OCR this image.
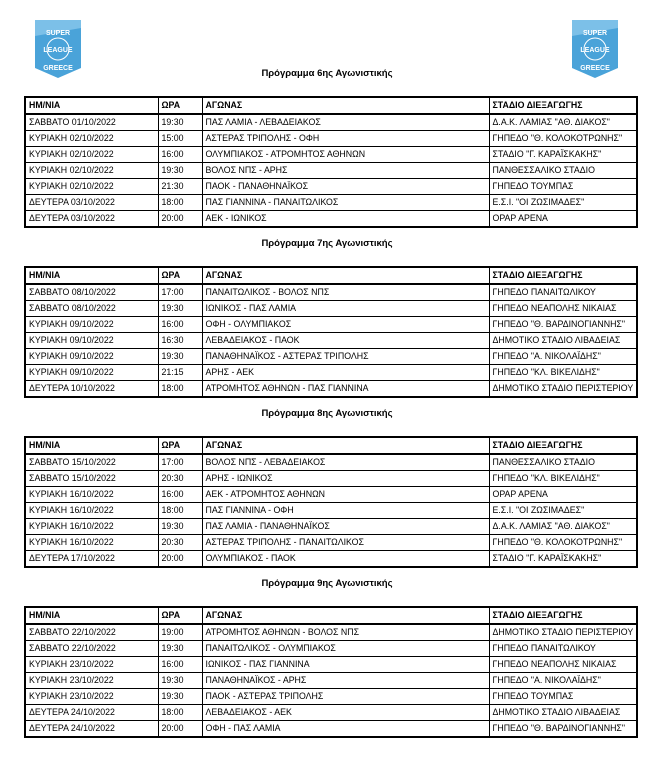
SUPER
LEAGUE
GREECE
SUPER
LEAGUE
GREECE
Πρόγραμμα 6ης Αγωνιστικής
ΗΜ/ΝΙΑ	ΩΡΑ	ΑΓΩΝΑΣ	ΣΤΑΔΙΟ ΔΙΕΞΑΓΩΓΗΣ
ΣΑΒΒΑΤΟ 01/10/2022	19:30	ΠΑΣ ΛΑΜΙΑ - ΛΕΒΑΔΕΙΑΚΟΣ	Δ.Α.Κ. ΛΑΜΙΑΣ "ΑΘ. ΔΙΑΚΟΣ"
ΚΥΡΙΑΚΗ 02/10/2022	15:00	ΑΣΤΕΡΑΣ ΤΡΙΠΟΛΗΣ - ΟΦΗ	ΓΗΠΕΔΟ "Θ. ΚΟΛΟΚΟΤΡΩΝΗΣ"
ΚΥΡΙΑΚΗ 02/10/2022	16:00	ΟΛΥΜΠΙΑΚΟΣ - ΑΤΡΟΜΗΤΟΣ ΑΘΗΝΩΝ	ΣΤΑΔΙΟ "Γ. ΚΑΡΑΪΣΚΑΚΗΣ"
ΚΥΡΙΑΚΗ 02/10/2022	19:30	ΒΟΛΟΣ ΝΠΣ - ΑΡΗΣ	ΠΑΝΘΕΣΣΑΛΙΚΟ ΣΤΑΔΙΟ
ΚΥΡΙΑΚΗ 02/10/2022	21:30	ΠΑΟΚ - ΠΑΝΑΘΗΝΑΪΚΟΣ	ΓΗΠΕΔΟ ΤΟΥΜΠΑΣ
ΔΕΥΤΕΡΑ 03/10/2022	18:00	ΠΑΣ ΓΙΑΝΝΙΝΑ - ΠΑΝΑΙΤΩΛΙΚΟΣ	Ε.Σ.Ι. "ΟΙ ΖΩΣΙΜΑΔΕΣ"
ΔΕΥΤΕΡΑ 03/10/2022	20:00	ΑΕΚ - ΙΩΝΙΚΟΣ	ΟΡΑΡ ΑΡΕΝΑ
Πρόγραμμα 7ης Αγωνιστικής
ΗΜ/ΝΙΑ	ΩΡΑ	ΑΓΩΝΑΣ	ΣΤΑΔΙΟ ΔΙΕΞΑΓΩΓΗΣ
ΣΑΒΒΑΤΟ 08/10/2022	17:00	ΠΑΝΑΙΤΩΛΙΚΟΣ - ΒΟΛΟΣ ΝΠΣ	ΓΗΠΕΔΟ ΠΑΝΑΙΤΩΛΙΚΟΥ
ΣΑΒΒΑΤΟ 08/10/2022	19:30	ΙΩΝΙΚΟΣ - ΠΑΣ ΛΑΜΙΑ	ΓΗΠΕΔΟ ΝΕΑΠΟΛΗΣ ΝΙΚΑΙΑΣ
ΚΥΡΙΑΚΗ 09/10/2022	16:00	ΟΦΗ - ΟΛΥΜΠΙΑΚΟΣ	ΓΗΠΕΔΟ "Θ. ΒΑΡΔΙΝΟΓΙΑΝΝΗΣ"
ΚΥΡΙΑΚΗ 09/10/2022	16:30	ΛΕΒΑΔΕΙΑΚΟΣ - ΠΑΟΚ	ΔΗΜΟΤΙΚΟ ΣΤΑΔΙΟ ΛΙΒΑΔΕΙΑΣ
ΚΥΡΙΑΚΗ 09/10/2022	19:30	ΠΑΝΑΘΗΝΑΪΚΟΣ - ΑΣΤΕΡΑΣ ΤΡΙΠΟΛΗΣ	ΓΗΠΕΔΟ "Α. ΝΙΚΟΛΑΪΔΗΣ"
ΚΥΡΙΑΚΗ 09/10/2022	21:15	ΑΡΗΣ - ΑΕΚ	ΓΗΠΕΔΟ "ΚΛ. ΒΙΚΕΛΙΔΗΣ"
ΔΕΥΤΕΡΑ 10/10/2022	18:00	ΑΤΡΟΜΗΤΟΣ ΑΘΗΝΩΝ - ΠΑΣ ΓΙΑΝΝΙΝΑ	ΔΗΜΟΤΙΚΟ ΣΤΑΔΙΟ ΠΕΡΙΣΤΕΡΙΟΥ
Πρόγραμμα 8ης Αγωνιστικής
ΗΜ/ΝΙΑ	ΩΡΑ	ΑΓΩΝΑΣ	ΣΤΑΔΙΟ ΔΙΕΞΑΓΩΓΗΣ
ΣΑΒΒΑΤΟ 15/10/2022	17:00	ΒΟΛΟΣ ΝΠΣ - ΛΕΒΑΔΕΙΑΚΟΣ	ΠΑΝΘΕΣΣΑΛΙΚΟ ΣΤΑΔΙΟ
ΣΑΒΒΑΤΟ 15/10/2022	20:30	ΑΡΗΣ - ΙΩΝΙΚΟΣ	ΓΗΠΕΔΟ "ΚΛ. ΒΙΚΕΛΙΔΗΣ"
ΚΥΡΙΑΚΗ 16/10/2022	16:00	ΑΕΚ - ΑΤΡΟΜΗΤΟΣ ΑΘΗΝΩΝ	ΟΡΑΡ ΑΡΕΝΑ
ΚΥΡΙΑΚΗ 16/10/2022	18:00	ΠΑΣ ΓΙΑΝΝΙΝΑ - ΟΦΗ	Ε.Σ.Ι. "ΟΙ ΖΩΣΙΜΑΔΕΣ"
ΚΥΡΙΑΚΗ 16/10/2022	19:30	ΠΑΣ ΛΑΜΙΑ - ΠΑΝΑΘΗΝΑΪΚΟΣ	Δ.Α.Κ. ΛΑΜΙΑΣ "ΑΘ. ΔΙΑΚΟΣ"
ΚΥΡΙΑΚΗ 16/10/2022	20:30	ΑΣΤΕΡΑΣ ΤΡΙΠΟΛΗΣ - ΠΑΝΑΙΤΩΛΙΚΟΣ	ΓΗΠΕΔΟ "Θ. ΚΟΛΟΚΟΤΡΩΝΗΣ"
ΔΕΥΤΕΡΑ 17/10/2022	20:00	ΟΛΥΜΠΙΑΚΟΣ - ΠΑΟΚ	ΣΤΑΔΙΟ "Γ. ΚΑΡΑΪΣΚΑΚΗΣ"
Πρόγραμμα 9ης Αγωνιστικής
ΗΜ/ΝΙΑ	ΩΡΑ	ΑΓΩΝΑΣ	ΣΤΑΔΙΟ ΔΙΕΞΑΓΩΓΗΣ
ΣΑΒΒΑΤΟ 22/10/2022	19:00	ΑΤΡΟΜΗΤΟΣ ΑΘΗΝΩΝ - ΒΟΛΟΣ ΝΠΣ	ΔΗΜΟΤΙΚΟ ΣΤΑΔΙΟ ΠΕΡΙΣΤΕΡΙΟΥ
ΣΑΒΒΑΤΟ 22/10/2022	19:30	ΠΑΝΑΙΤΩΛΙΚΟΣ - ΟΛΥΜΠΙΑΚΟΣ	ΓΗΠΕΔΟ ΠΑΝΑΙΤΩΛΙΚΟΥ
ΚΥΡΙΑΚΗ 23/10/2022	16:00	ΙΩΝΙΚΟΣ - ΠΑΣ ΓΙΑΝΝΙΝΑ	ΓΗΠΕΔΟ ΝΕΑΠΟΛΗΣ ΝΙΚΑΙΑΣ
ΚΥΡΙΑΚΗ 23/10/2022	19:30	ΠΑΝΑΘΗΝΑΪΚΟΣ - ΑΡΗΣ	ΓΗΠΕΔΟ "Α. ΝΙΚΟΛΑΪΔΗΣ"
ΚΥΡΙΑΚΗ 23/10/2022	19:30	ΠΑΟΚ - ΑΣΤΕΡΑΣ ΤΡΙΠΟΛΗΣ	ΓΗΠΕΔΟ ΤΟΥΜΠΑΣ
ΔΕΥΤΕΡΑ 24/10/2022	18:00	ΛΕΒΑΔΕΙΑΚΟΣ - ΑΕΚ	ΔΗΜΟΤΙΚΟ ΣΤΑΔΙΟ ΛΙΒΑΔΕΙΑΣ
ΔΕΥΤΕΡΑ 24/10/2022	20:00	ΟΦΗ - ΠΑΣ ΛΑΜΙΑ	ΓΗΠΕΔΟ "Θ. ΒΑΡΔΙΝΟΓΙΑΝΝΗΣ"
